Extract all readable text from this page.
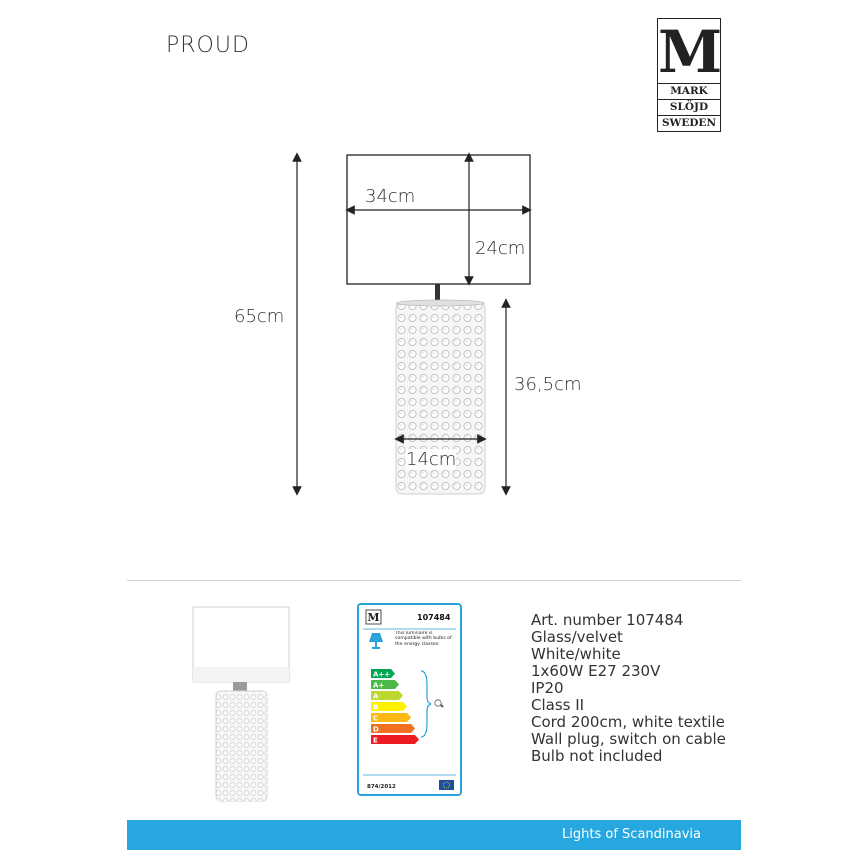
PROUD	M
MARK
SLÖJD
SWEDEN
65cm
34cm
24cm
36,5cm
14cm
M	107484
This luminaire is compatible with bulbs of the energy classes:
A++
A+
A
B
C
D
E
874/2012
Art. number 107484
Glass/velvet
White/white
1x60W E27 230V
IP20
Class II
Cord 200cm, white textile
Wall plug, switch on cable
Bulb not included
Lights of Scandinavia
